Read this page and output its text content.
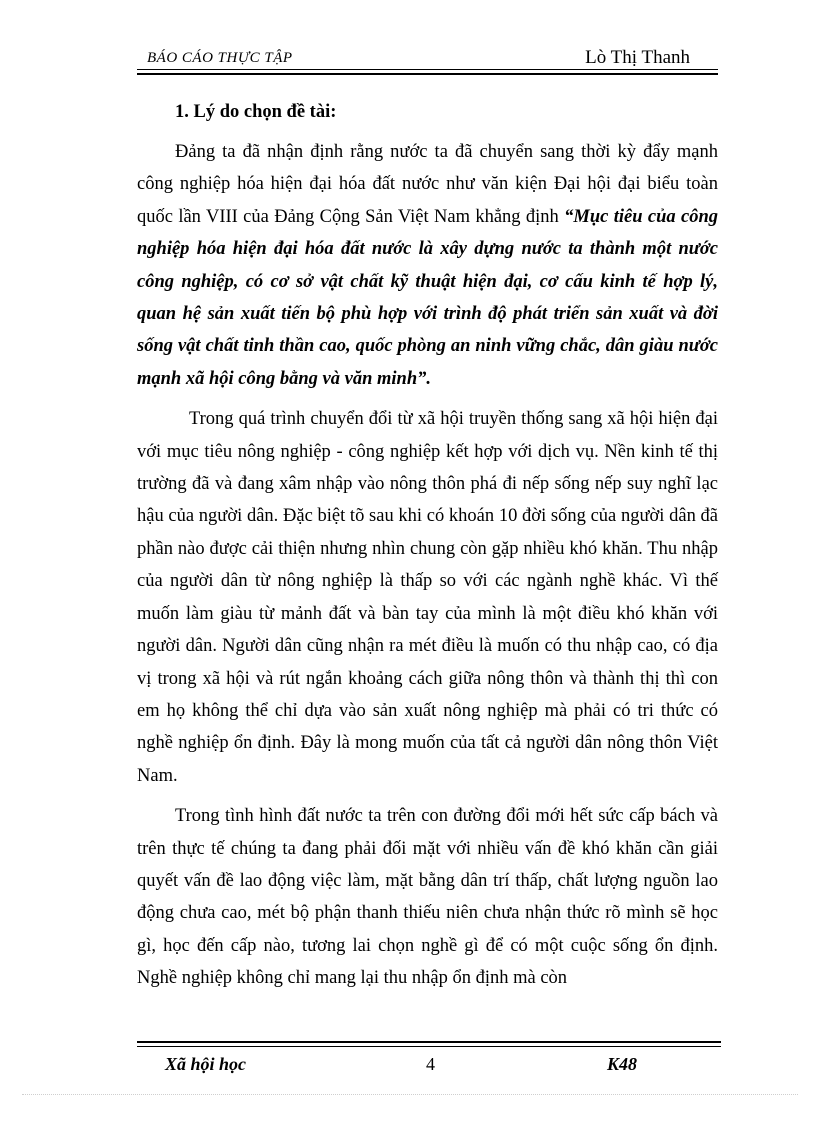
BÁO CÁO THỰC TẬP	Lò Thị Thanh
1. Lý do chọn đề tài:

Đảng ta đã nhận định rằng nước ta đã chuyển sang thời kỳ đẩy mạnh công nghiệp hóa hiện đại hóa đất nước như văn kiện Đại hội đại biểu toàn quốc lần VIII của Đảng Cộng Sản Việt Nam khẳng định “Mục tiêu của công nghiệp hóa hiện đại hóa đất nước là xây dựng nước ta thành một nước công nghiệp, có cơ sở vật chất kỹ thuật hiện đại, cơ cấu kinh tế hợp lý, quan hệ sản xuất tiến bộ phù hợp với trình độ phát triển sản xuất và đời sống vật chất tinh thần cao, quốc phòng an ninh vững chắc, dân giàu nước mạnh xã hội công bằng và văn minh”.

Trong quá trình chuyển đổi từ xã hội truyền thống sang xã hội hiện đại với mục tiêu nông nghiệp - công nghiệp kết hợp với dịch vụ. Nền kinh tế thị trường đã và đang xâm nhập vào nông thôn phá đi nếp sống nếp suy nghĩ lạc hậu của người dân. Đặc biệt tõ sau khi có khoán 10 đời sống của người dân đã phần nào được cải thiện nhưng nhìn chung còn gặp nhiều khó khăn. Thu nhập của người dân từ nông nghiệp là thấp so với các ngành nghề khác. Vì thế muốn làm giàu từ mảnh đất và bàn tay của mình là một điều khó khăn với người dân. Người dân cũng nhận ra mét điều là muốn có thu nhập cao, có địa vị trong xã hội và rút ngắn khoảng cách giữa nông thôn và thành thị thì con em họ không thể chỉ dựa vào sản xuất nông nghiệp mà phải có tri thức có nghề nghiệp ổn định. Đây là mong muốn của tất cả người dân nông thôn Việt Nam.

Trong tình hình đất nước ta trên con đường đổi mới hết sức cấp bách và trên thực tế chúng ta đang phải đối mặt với nhiều vấn đề khó khăn cần giải quyết vấn đề lao động việc làm, mặt bằng dân trí thấp, chất lượng nguồn lao động chưa cao, mét bộ phận thanh thiếu niên chưa nhận thức rõ mình sẽ học gì, học đến cấp nào, tương lai chọn nghề gì để có một cuộc sống ổn định. Nghề nghiệp không chỉ mang lại thu nhập ổn định mà còn

Xã hội học	4	K48
